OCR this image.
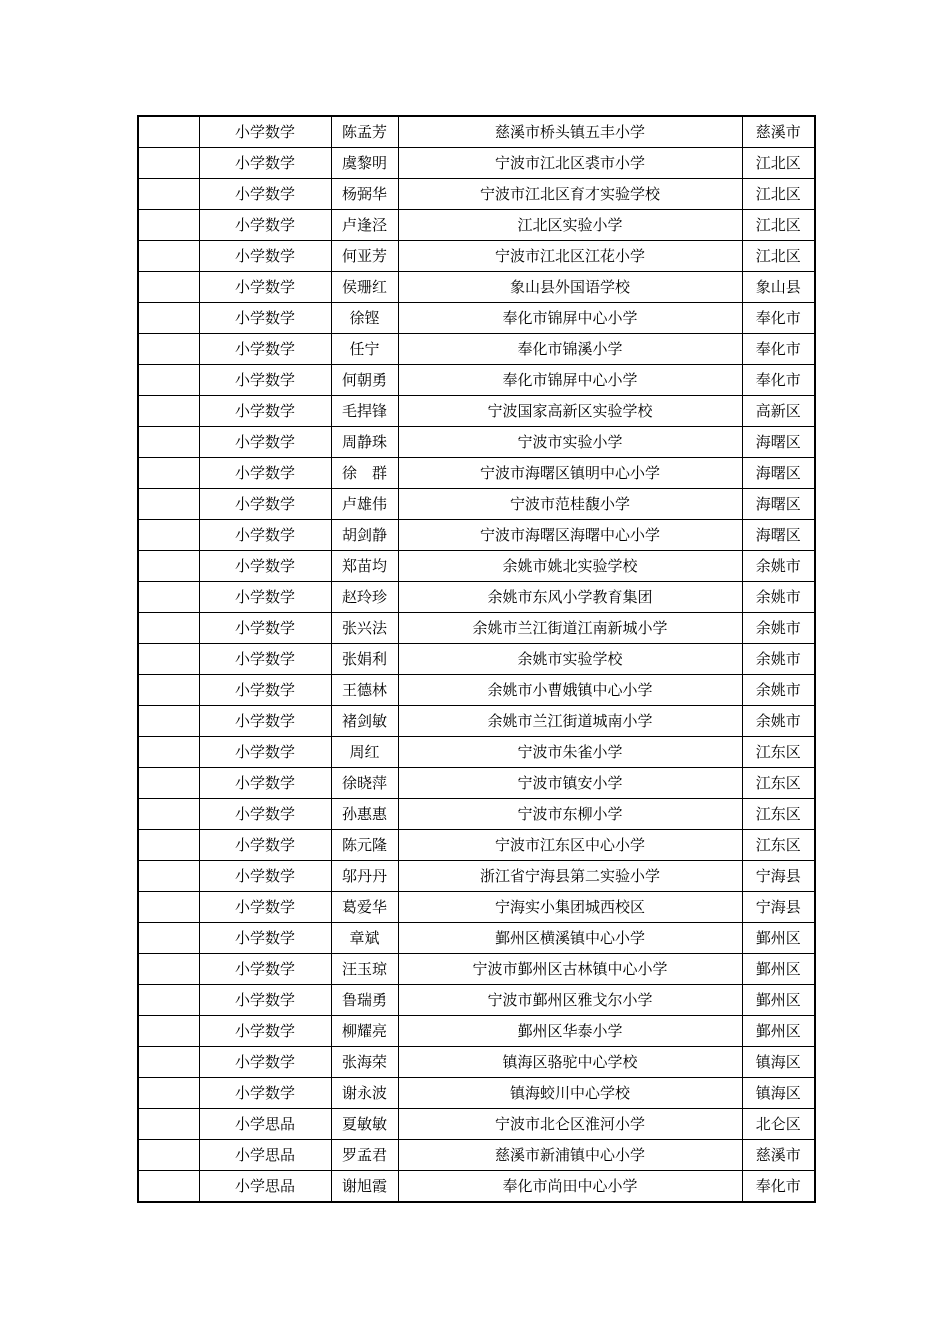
	小学数学	陈孟芳	慈溪市桥头镇五丰小学	慈溪市
	小学数学	虞黎明	宁波市江北区裘市小学	江北区
	小学数学	杨弼华	宁波市江北区育才实验学校	江北区
	小学数学	卢逢泾	江北区实验小学	江北区
	小学数学	何亚芳	宁波市江北区江花小学	江北区
	小学数学	侯珊红	象山县外国语学校	象山县
	小学数学	徐铿	奉化市锦屏中心小学	奉化市
	小学数学	任宁	奉化市锦溪小学	奉化市
	小学数学	何朝勇	奉化市锦屏中心小学	奉化市
	小学数学	毛捍锋	宁波国家高新区实验学校	高新区
	小学数学	周静珠	宁波市实验小学	海曙区
	小学数学	徐　群	宁波市海曙区镇明中心小学	海曙区
	小学数学	卢雄伟	宁波市范桂馥小学	海曙区
	小学数学	胡剑静	宁波市海曙区海曙中心小学	海曙区
	小学数学	郑苗均	余姚市姚北实验学校	余姚市
	小学数学	赵玲珍	余姚市东风小学教育集团	余姚市
	小学数学	张兴法	余姚市兰江街道江南新城小学	余姚市
	小学数学	张娟利	余姚市实验学校	余姚市
	小学数学	王德林	余姚市小曹娥镇中心小学	余姚市
	小学数学	褚剑敏	余姚市兰江街道城南小学	余姚市
	小学数学	周红	宁波市朱雀小学	江东区
	小学数学	徐晓萍	宁波市镇安小学	江东区
	小学数学	孙惠惠	宁波市东柳小学	江东区
	小学数学	陈元隆	宁波市江东区中心小学	江东区
	小学数学	邬丹丹	浙江省宁海县第二实验小学	宁海县
	小学数学	葛爱华	宁海实小集团城西校区	宁海县
	小学数学	章斌	鄞州区横溪镇中心小学	鄞州区
	小学数学	汪玉琼	宁波市鄞州区古林镇中心小学	鄞州区
	小学数学	鲁瑞勇	宁波市鄞州区雅戈尔小学	鄞州区
	小学数学	柳耀亮	鄞州区华泰小学	鄞州区
	小学数学	张海荣	镇海区骆驼中心学校	镇海区
	小学数学	谢永波	镇海蛟川中心学校	镇海区
	小学思品	夏敏敏	宁波市北仑区淮河小学	北仑区
	小学思品	罗孟君	慈溪市新浦镇中心小学	慈溪市
	小学思品	谢旭霞	奉化市尚田中心小学	奉化市
